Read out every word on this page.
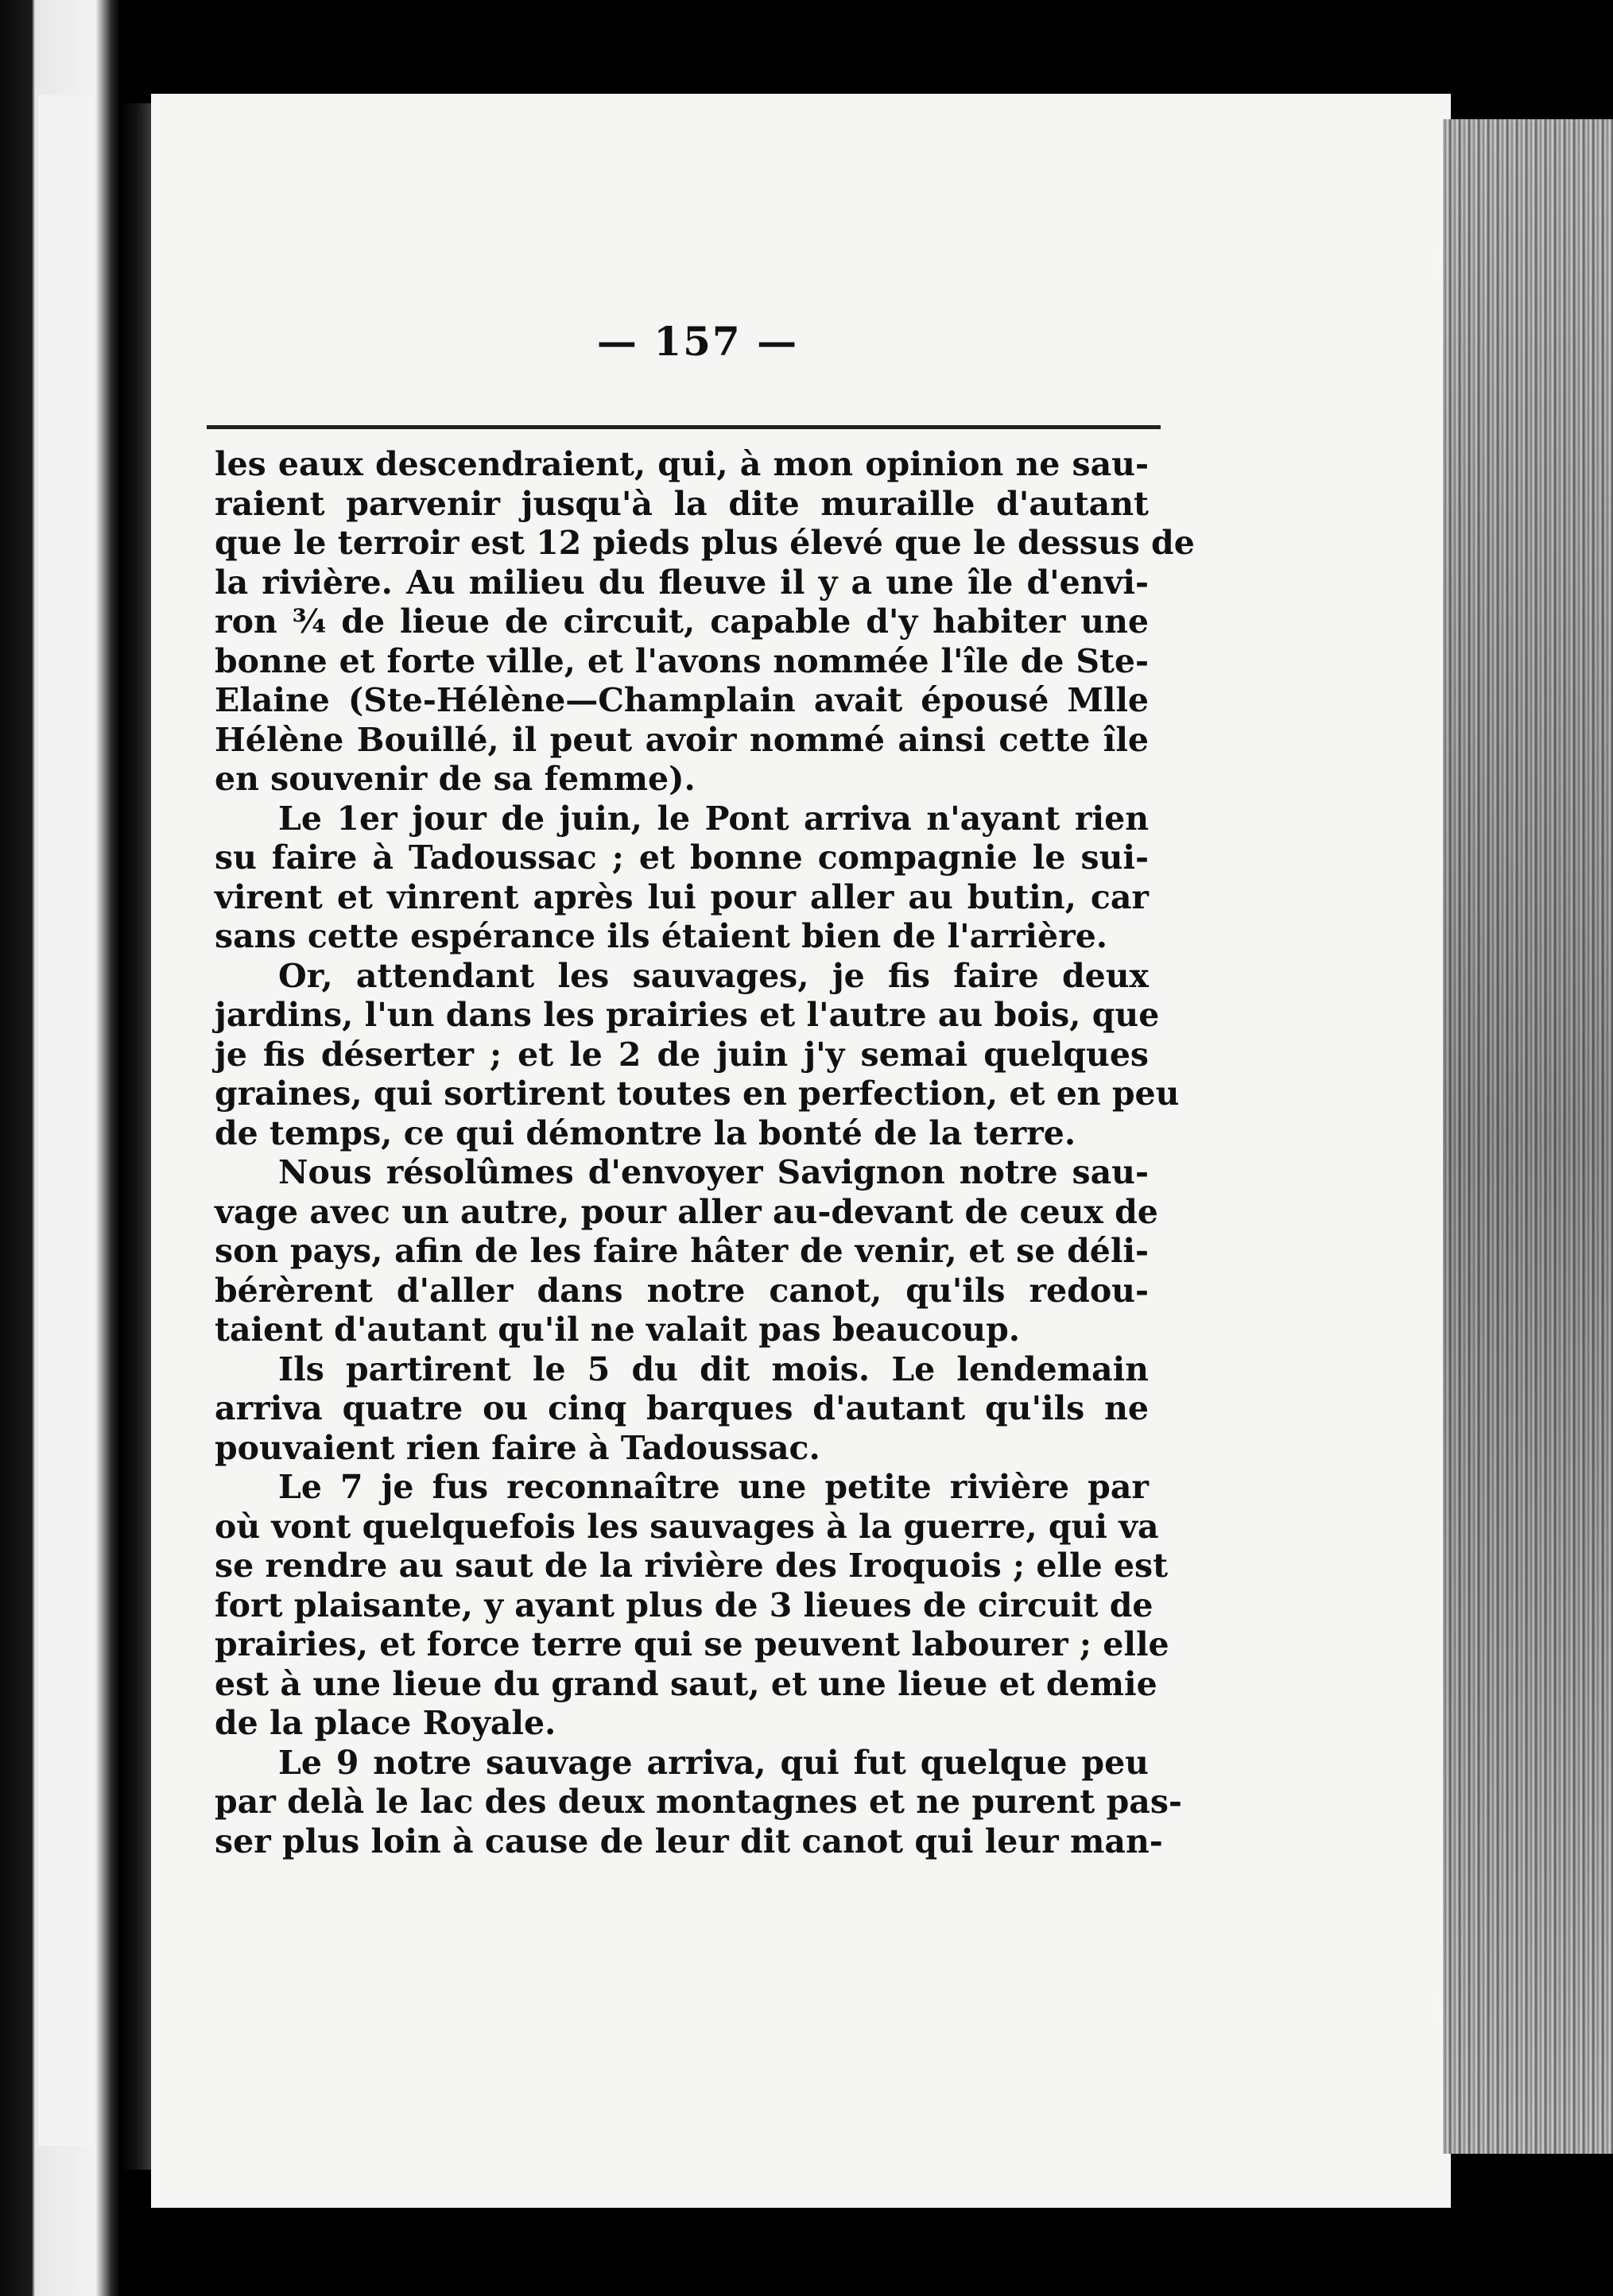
— 157 —
les eaux descendraient, qui, à mon opinion ne sau-
raient parvenir jusqu'à la dite muraille d'autant
que le terroir est 12 pieds plus élevé que le dessus de
la rivière. Au milieu du fleuve il y a une île d'envi-
ron ¾ de lieue de circuit, capable d'y habiter une
bonne et forte ville, et l'avons nommée l'île de Ste-
Elaine (Ste-Hélène—Champlain avait épousé Mlle
Hélène Bouillé, il peut avoir nommé ainsi cette île
en souvenir de sa femme).
Le 1er jour de juin, le Pont arriva n'ayant rien
su faire à Tadoussac ; et bonne compagnie le sui-
virent et vinrent après lui pour aller au butin, car
sans cette espérance ils étaient bien de l'arrière.
Or, attendant les sauvages, je fis faire deux
jardins, l'un dans les prairies et l'autre au bois, que
je fis déserter ; et le 2 de juin j'y semai quelques
graines, qui sortirent toutes en perfection, et en peu
de temps, ce qui démontre la bonté de la terre.
Nous résolûmes d'envoyer Savignon notre sau-
vage avec un autre, pour aller au-devant de ceux de
son pays, afin de les faire hâter de venir, et se déli-
bérèrent d'aller dans notre canot, qu'ils redou-
taient d'autant qu'il ne valait pas beaucoup.
Ils partirent le 5 du dit mois. Le lendemain
arriva quatre ou cinq barques d'autant qu'ils ne
pouvaient rien faire à Tadoussac.
Le 7 je fus reconnaître une petite rivière par
où vont quelquefois les sauvages à la guerre, qui va
se rendre au saut de la rivière des Iroquois ; elle est
fort plaisante, y ayant plus de 3 lieues de circuit de
prairies, et force terre qui se peuvent labourer ; elle
est à une lieue du grand saut, et une lieue et demie
de la place Royale.
Le 9 notre sauvage arriva, qui fut quelque peu
par delà le lac des deux montagnes et ne purent pas-
ser plus loin à cause de leur dit canot qui leur man-
